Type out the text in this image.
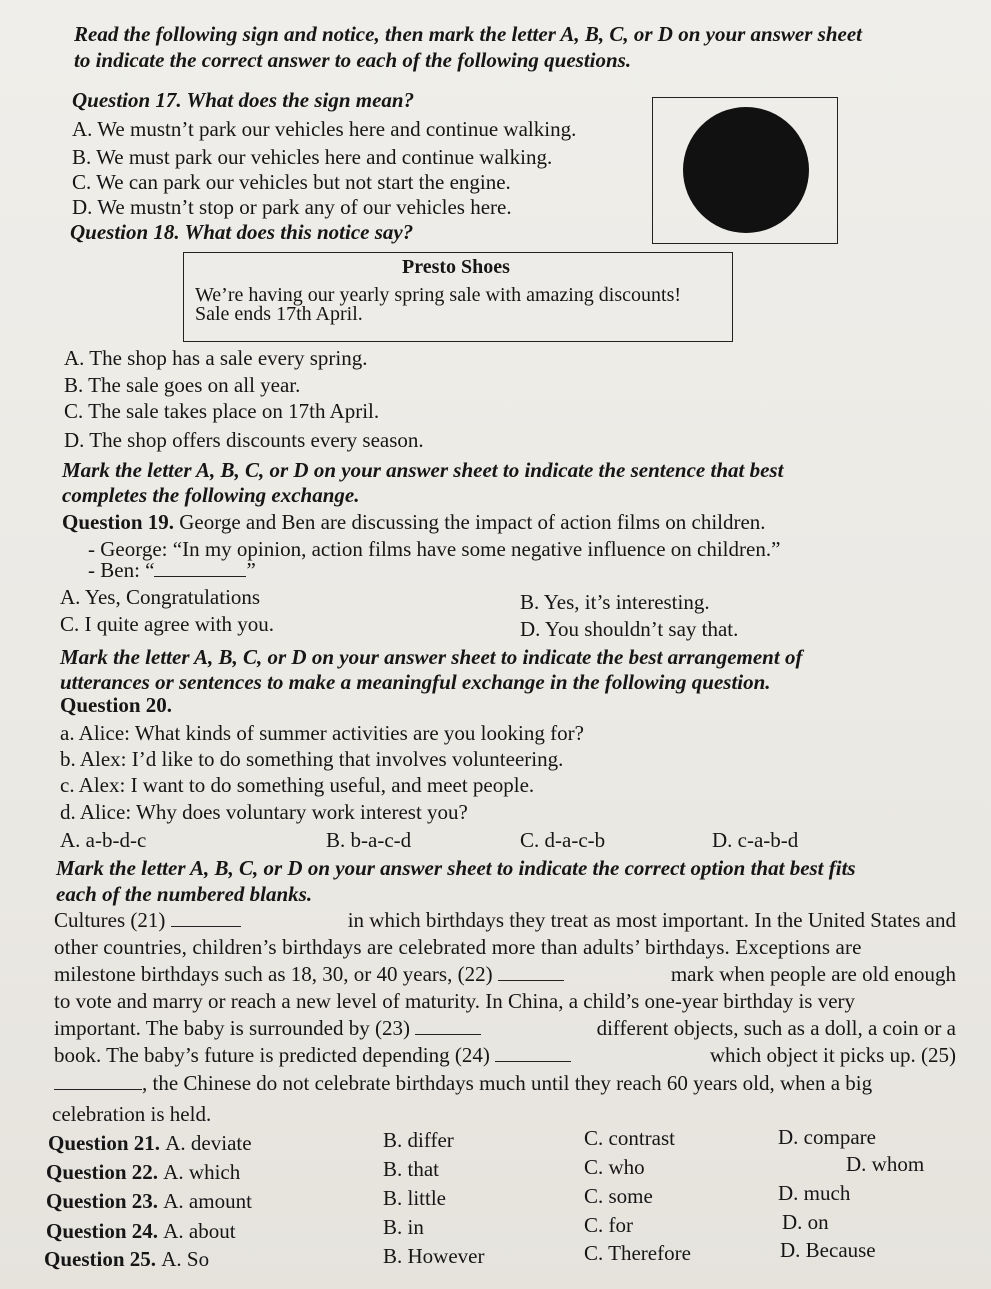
Read the following sign and notice, then mark the letter A, B, C, or D on your answer sheet
to indicate the correct answer to each of the following questions.
Question 17. What does the sign mean?
A. We mustn’t park our vehicles here and continue walking.
B. We must park our vehicles here and continue walking.
C. We can park our vehicles but not start the engine.
D. We mustn’t stop or park any of our vehicles here.
Question 18. What does this notice say?
Presto Shoes
We’re having our yearly spring sale with amazing discounts!
Sale ends 17th April.
A. The shop has a sale every spring.
B. The sale goes on all year.
C. The sale takes place on 17th April.
D. The shop offers discounts every season.
Mark the letter A, B, C, or D on your answer sheet to indicate the sentence that best
completes the following exchange.
Question 19. George and Ben are discussing the impact of action films on children.
- George: “In my opinion, action films have some negative influence on children.”
- Ben: “	”
A. Yes, Congratulations	B. Yes, it’s interesting.
C. I quite agree with you.	D. You shouldn’t say that.
Mark the letter A, B, C, or D on your answer sheet to indicate the best arrangement of
utterances or sentences to make a meaningful exchange in the following question.
Question 20.
a. Alice: What kinds of summer activities are you looking for?
b. Alex: I’d like to do something that involves volunteering.
c. Alex: I want to do something useful, and meet people.
d. Alice: Why does voluntary work interest you?
A. a-b-d-c	B. b-a-c-d	C. d-a-c-b	D. c-a-b-d
Mark the letter A, B, C, or D on your answer sheet to indicate the correct option that best fits
each of the numbered blanks.
Cultures (21)	in which birthdays they treat as most important. In the United States and
other countries, children’s birthdays are celebrated more than adults’ birthdays. Exceptions are
milestone birthdays such as 18, 30, or 40 years, (22)	mark when people are old enough
to vote and marry or reach a new level of maturity. In China, a child’s one-year birthday is very
important. The baby is surrounded by (23)	different objects, such as a doll, a coin or a
book. The baby’s future is predicted depending (24)	which object it picks up. (25)
, the Chinese do not celebrate birthdays much until they reach 60 years old, when a big
celebration is held.
Question 21. A. deviate	B. differ	C. contrast	D. compare
Question 22. A. which	B. that	C. who	D. whom
Question 23. A. amount	B. little	C. some	D. much
Question 24. A. about	B. in	C. for	D. on
Question 25. A. So	B. However	C. Therefore	D. Because
